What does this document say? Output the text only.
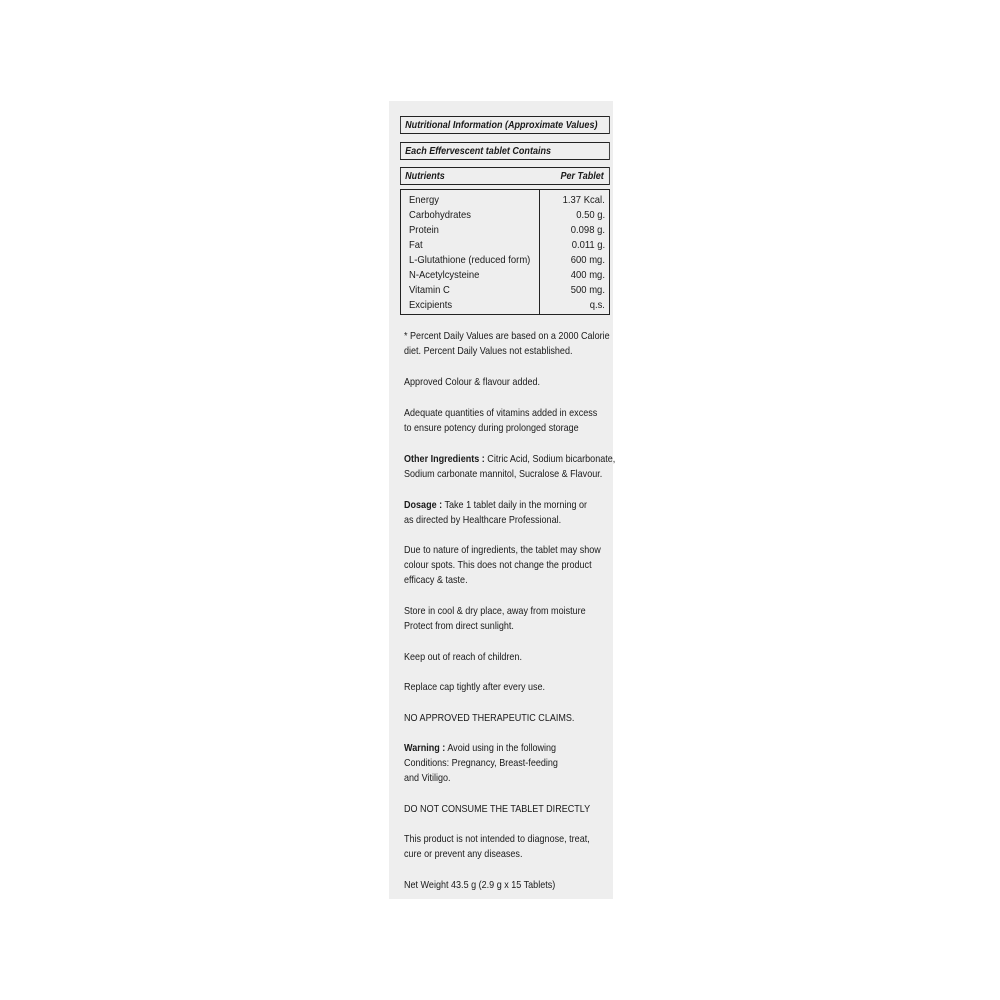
Nutritional Information (Approximate Values)
Each Effervescent tablet Contains
Nutrients	Per Tablet
Energy	1.37 Kcal.
Carbohydrates	0.50 g.
Protein	0.098 g.
Fat	0.011 g.
L-Glutathione (reduced form)	600 mg.
N-Acetylcysteine	400 mg.
Vitamin C	500 mg.
Excipients	q.s.
* Percent Daily Values are based on a 2000 Calorie
diet. Percent Daily Values not established.
Approved Colour & flavour added.
Adequate quantities of vitamins added in excess
to ensure potency during prolonged storage
Other Ingredients : Citric Acid, Sodium bicarbonate,
Sodium carbonate mannitol, Sucralose & Flavour.
Dosage : Take 1 tablet daily in the morning or
as directed by Healthcare Professional.
Due to nature of ingredients, the tablet may show
colour spots. This does not change the product
efficacy & taste.
Store in cool & dry place, away from moisture
Protect from direct sunlight.
Keep out of reach of children.
Replace cap tightly after every use.
NO APPROVED THERAPEUTIC CLAIMS.
Warning : Avoid using in the following
Conditions: Pregnancy, Breast-feeding
and Vitiligo.
DO NOT CONSUME THE TABLET DIRECTLY
This product is not intended to diagnose, treat,
cure or prevent any diseases.
Net Weight 43.5 g (2.9 g x 15 Tablets)
